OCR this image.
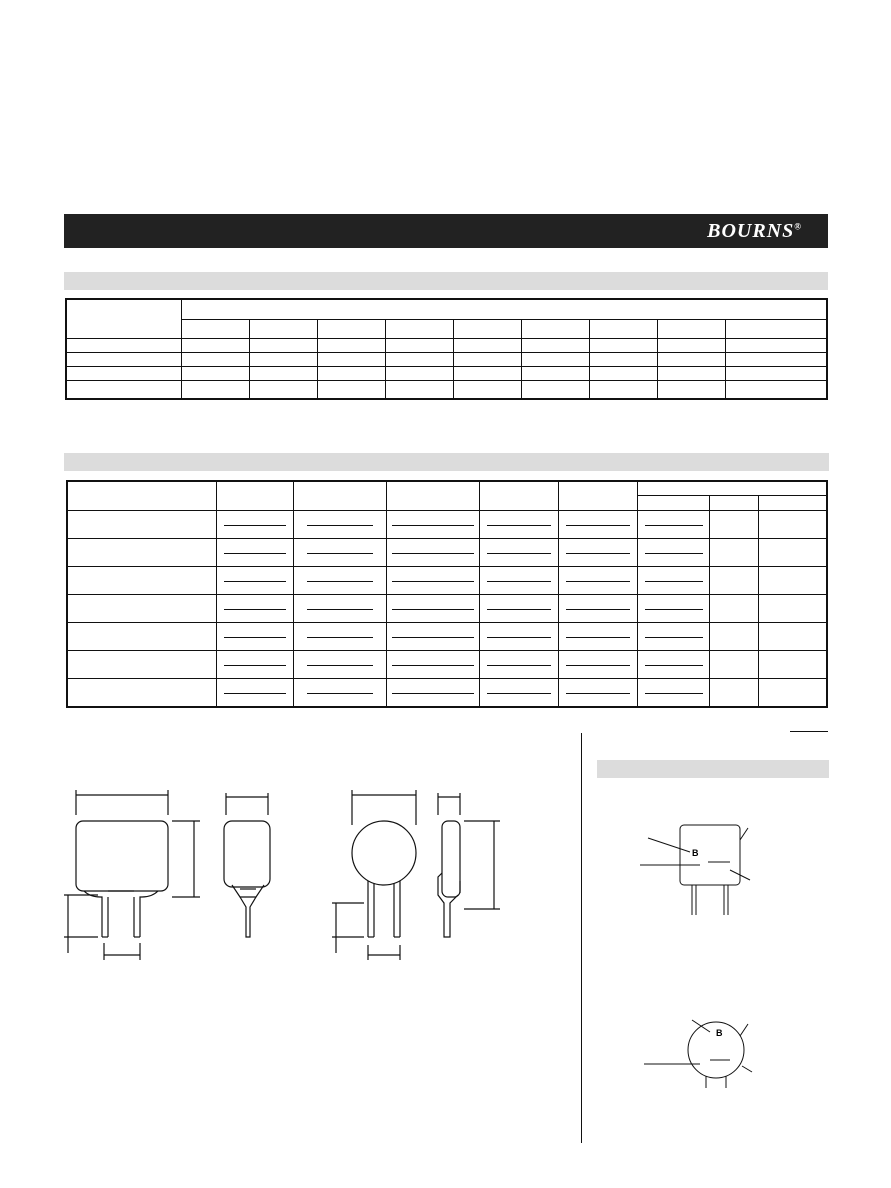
BOURNS®

B
B
